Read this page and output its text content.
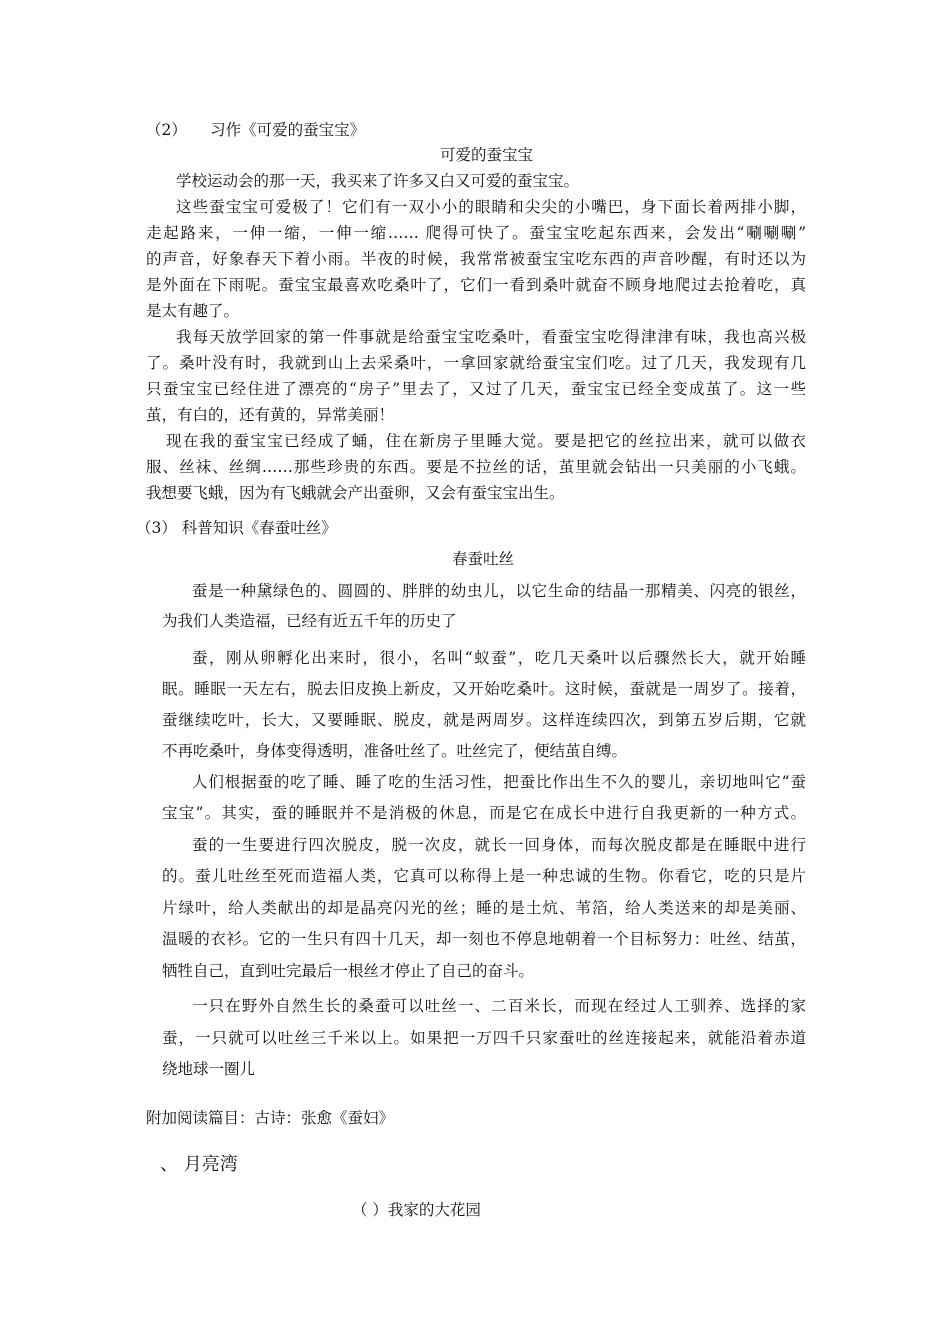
（2）　　习作《可爱的蚕宝宝》
可爱的蚕宝宝
学校运动会的那一天，我买来了许多又白又可爱的蚕宝宝。
这些蚕宝宝可爱极了！它们有一双小小的眼睛和尖尖的小嘴巴，身下面长着两排小脚，
走起路来，一伸一缩，一伸一缩…… 爬得可快了。蚕宝宝吃起东西来，会发出“唰唰唰”
的声音，好象春天下着小雨。半夜的时候，我常常被蚕宝宝吃东西的声音吵醒，有时还以为
是外面在下雨呢。蚕宝宝最喜欢吃桑叶了，它们一看到桑叶就奋不顾身地爬过去抢着吃，真
是太有趣了。
我每天放学回家的第一件事就是给蚕宝宝吃桑叶，看蚕宝宝吃得津津有味，我也高兴极
了。桑叶没有时，我就到山上去采桑叶，一拿回家就给蚕宝宝们吃。过了几天，我发现有几
只蚕宝宝已经住进了漂亮的“房子”里去了，又过了几天，蚕宝宝已经全变成茧了。这一些
茧，有白的，还有黄的，异常美丽！
现在我的蚕宝宝已经成了蛹，住在新房子里睡大觉。要是把它的丝拉出来，就可以做衣
服、丝袜、丝绸……那些珍贵的东西。要是不拉丝的话，茧里就会钻出一只美丽的小飞蛾。
我想要飞蛾，因为有飞蛾就会产出蚕卵，又会有蚕宝宝出生。
（3） 科普知识《春蚕吐丝》
春蚕吐丝
蚕是一种黛绿色的、圆圆的、胖胖的幼虫儿，以它生命的结晶一那精美、闪亮的银丝，
为我们人类造福，已经有近五千年的历史了
蚕，刚从卵孵化出来时，很小，名叫“蚁蚕”，吃几天桑叶以后骤然长大，就开始睡
眠。睡眠一天左右，脱去旧皮换上新皮，又开始吃桑叶。这时候，蚕就是一周岁了。接着，
蚕继续吃叶，长大，又要睡眠、脱皮，就是两周岁。这样连续四次，到第五岁后期，它就
不再吃桑叶，身体变得透明，准备吐丝了。吐丝完了，便结茧自缚。
人们根据蚕的吃了睡、睡了吃的生活习性，把蚕比作出生不久的婴儿，亲切地叫它“蚕
宝宝”。其实，蚕的睡眠并不是消极的休息，而是它在成长中进行自我更新的一种方式。
蚕的一生要进行四次脱皮，脱一次皮，就长一回身体，而每次脱皮都是在睡眠中进行
的。蚕儿吐丝至死而造福人类，它真可以称得上是一种忠诚的生物。你看它，吃的只是片
片绿叶，给人类献出的却是晶亮闪光的丝；睡的是土炕、苇箔，给人类送来的却是美丽、
温暖的衣衫。它的一生只有四十几天，却一刻也不停息地朝着一个目标努力：吐丝、结茧，
牺牲自己，直到吐完最后一根丝才停止了自己的奋斗。
一只在野外自然生长的桑蚕可以吐丝一、二百米长，而现在经过人工驯养、选择的家
蚕，一只就可以吐丝三千米以上。如果把一万四千只家蚕吐的丝连接起来，就能沿着赤道
绕地球一圈儿
附加阅读篇目：古诗：张愈《蚕妇》
、 月亮湾
（ ）我家的大花园
